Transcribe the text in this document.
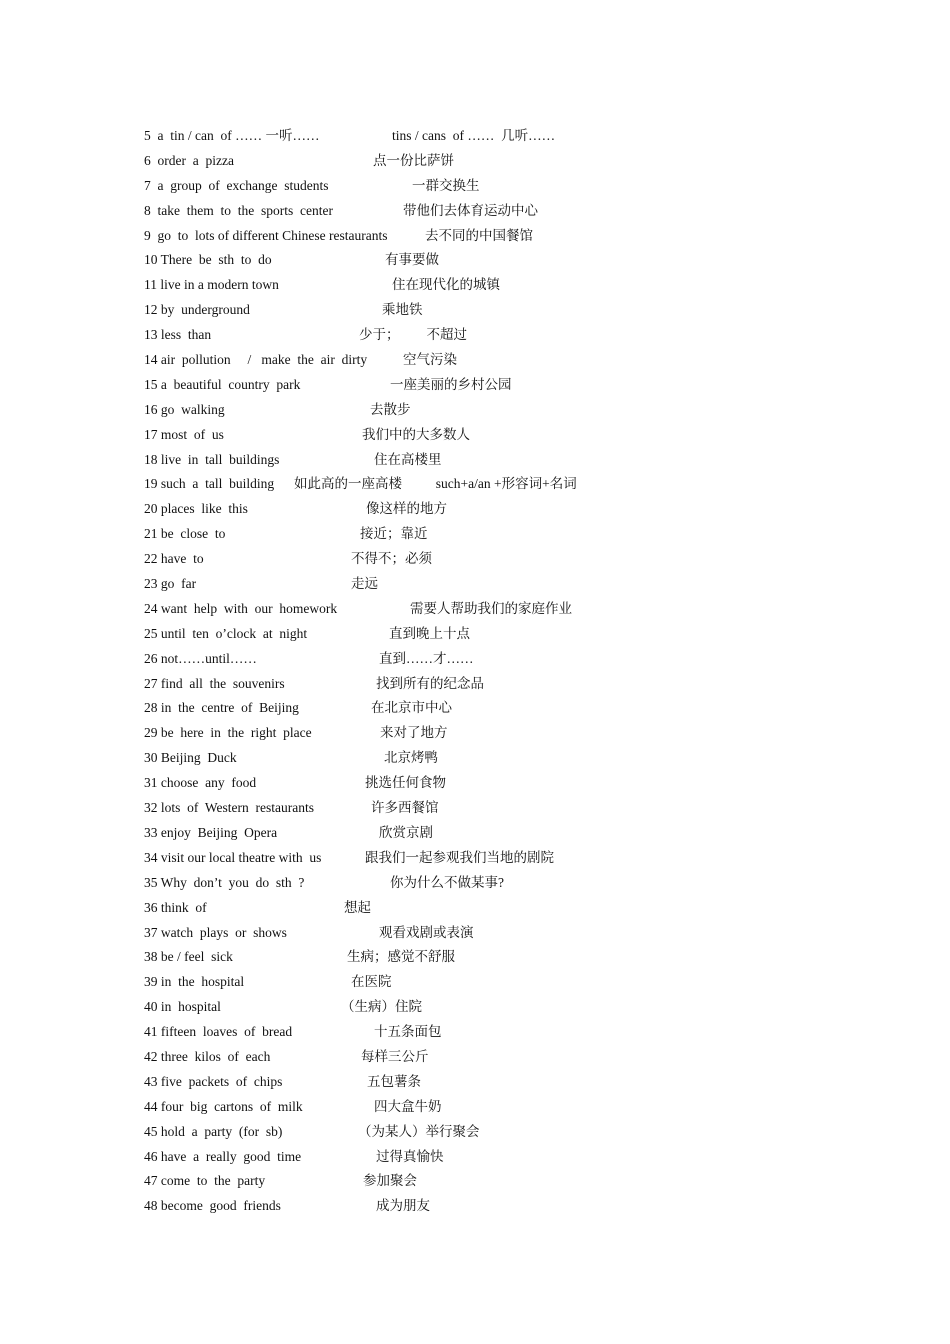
5  a  tin / can  of …… 一听……	tins / cans  of ……  几听……
6  order  a  pizza	点一份比萨饼
7  a  group  of  exchange  students	一群交换生
8  take  them  to  the  sports  center	带他们去体育运动中心
9  go  to  lots of different Chinese restaurants	去不同的中国餐馆
10 There  be  sth  to  do	有事要做
11 live in a modern town	住在现代化的城镇
12 by  underground	乘地铁
13 less  than	少于；        不超过
14 air  pollution     /   make  the  air  dirty	空气污染
15 a  beautiful  country  park	一座美丽的乡村公园
16 go  walking	去散步
17 most  of  us	我们中的大多数人
18 live  in  tall  buildings	住在高楼里
19 such  a  tall  building 如此高的一座高楼          such+a/an +形容词+名词
20 places  like  this	像这样的地方
21 be  close  to	接近；靠近
22 have  to	不得不；必须
23 go  far	走远
24 want  help  with  our  homework	需要人帮助我们的家庭作业
25 until  ten  o’clock  at  night	直到晚上十点
26 not……until……	直到……才……
27 find  all  the  souvenirs	找到所有的纪念品
28 in  the  centre  of  Beijing	在北京市中心
29 be  here  in  the  right  place	来对了地方
30 Beijing  Duck	北京烤鸭
31 choose  any  food	挑选任何食物
32 lots  of  Western  restaurants	许多西餐馆
33 enjoy  Beijing  Opera	欣赏京剧
34 visit our local theatre with  us	跟我们一起参观我们当地的剧院
35 Why  don’t  you  do  sth  ?	你为什么不做某事?
36 think  of	想起
37 watch  plays  or  shows	观看戏剧或表演
38 be / feel  sick	生病；感觉不舒服
39 in  the  hospital	在医院
40 in  hospital	（生病）住院
41 fifteen  loaves  of  bread	十五条面包
42 three  kilos  of  each	每样三公斤
43 five  packets  of  chips	五包薯条
44 four  big  cartons  of  milk	四大盒牛奶
45 hold  a  party  (for  sb)	（为某人）举行聚会
46 have  a  really  good  time	过得真愉快
47 come  to  the  party	参加聚会
48 become  good  friends	成为朋友
